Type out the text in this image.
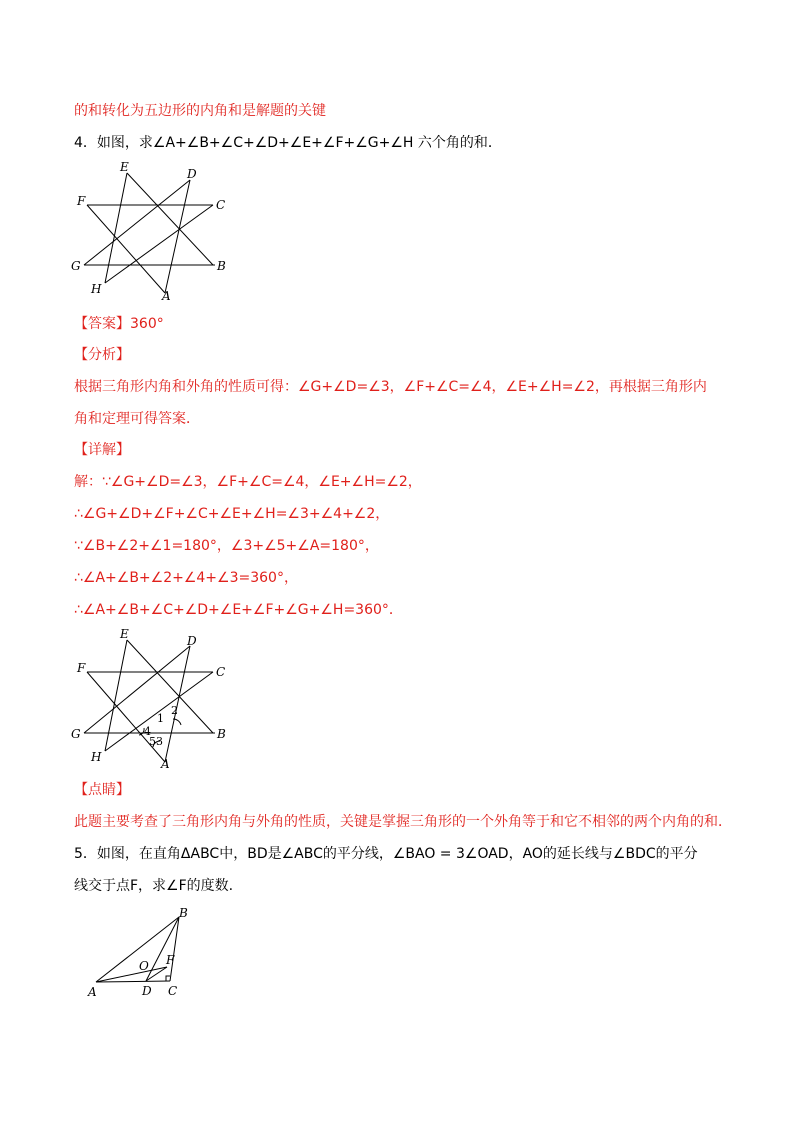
的和转化为五边形的内角和是解题的关键
4．如图，求∠A+∠B+∠C+∠D+∠E+∠F+∠G+∠H 六个角的和．
E	D
F	C
G	B
H	A
【答案】360°
【分析】
根据三角形内角和外角的性质可得：∠G+∠D=∠3，∠F+∠C=∠4，∠E+∠H=∠2，再根据三角形内
角和定理可得答案．
【详解】
解：∵∠G+∠D=∠3，∠F+∠C=∠4，∠E+∠H=∠2，
∴∠G+∠D+∠F+∠C+∠E+∠H=∠3+∠4+∠2，
∵∠B+∠2+∠1=180°，∠3+∠5+∠A=180°，
∴∠A+∠B+∠2+∠4+∠3=360°，
∴∠A+∠B+∠C+∠D+∠E+∠F+∠G+∠H=360°．
E	D
F	C
G	B
H	A
1
2
4
53
【点睛】
此题主要考查了三角形内角与外角的性质，关键是掌握三角形的一个外角等于和它不相邻的两个内角的和．
5．如图，在直角ΔABC中，BD是∠ABC的平分线，∠BAO = 3∠OAD，AO的延长线与∠BDC的平分
线交于点F，求∠F的度数.
B
O F
A	D C
